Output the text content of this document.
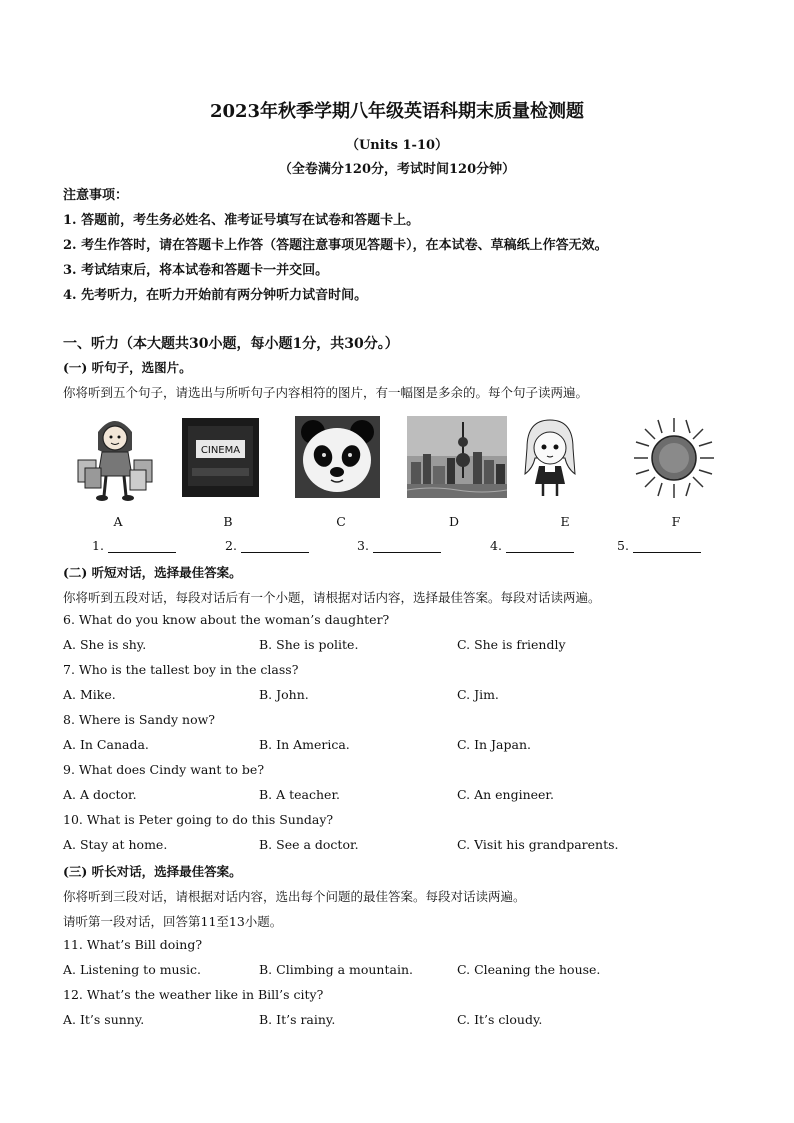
2023年秋季学期八年级英语科期末质量检测题
（Units 1-10）
（全卷满分120分，考试时间120分钟）
注意事项：
1. 答题前，考生务必姓名、准考证号填写在试卷和答题卡上。
2. 考生作答时，请在答题卡上作答（答题注意事项见答题卡），在本试卷、草稿纸上作答无效。
3. 考试结束后，将本试卷和答题卡一并交回。
4. 先考听力，在听力开始前有两分钟听力试音时间。
一、听力（本大题共30小题，每小题1分，共30分。）
(一) 听句子，选图片。
你将听到五个句子，请选出与所听句子内容相符的图片，有一幅图是多余的。每个句子读两遍。
CINEMA
A	B	C	D	E	F
1.	2.	3.	4.	5.
(二) 听短对话，选择最佳答案。
你将听到五段对话，每段对话后有一个小题，请根据对话内容，选择最佳答案。每段对话读两遍。
6. What do you know about the woman’s daughter?
A. She is shy.	B. She is polite.	C. She is friendly
7. Who is the tallest boy in the class?
A. Mike.	B. John.	C. Jim.
8. Where is Sandy now?
A. In Canada.	B. In America.	C. In Japan.
9. What does Cindy want to be?
A. A doctor.	B. A teacher.	C. An engineer.
10. What is Peter going to do this Sunday?
A. Stay at home.	B. See a doctor.	C. Visit his grandparents.
(三) 听长对话，选择最佳答案。
你将听到三段对话，请根据对话内容，选出每个问题的最佳答案。每段对话读两遍。
请听第一段对话，回答第11至13小题。
11. What’s Bill doing?
A. Listening to music.	B. Climbing a mountain.	C. Cleaning the house.
12. What’s the weather like in Bill’s city?
A. It’s sunny.	B. It’s rainy.	C. It’s cloudy.
